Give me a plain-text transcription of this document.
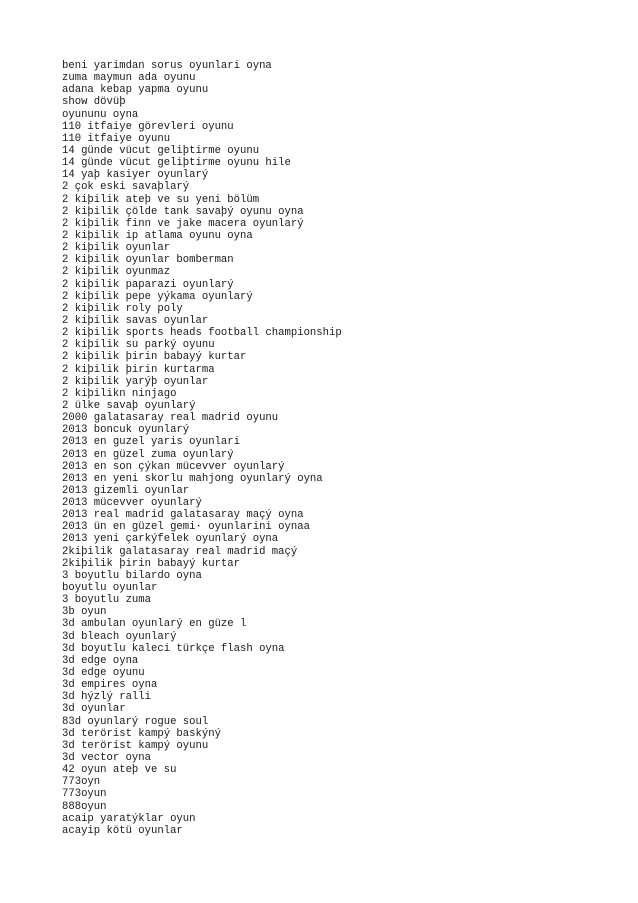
beni yarimdan sorus oyunlari oyna
zuma maymun ada oyunu
adana kebap yapma oyunu
show dövüþ
oyununu oyna
110 itfaiye görevleri oyunu
110 itfaiye oyunu
14 günde vücut geliþtirme oyunu
14 günde vücut geliþtirme oyunu hile
14 yaþ kasiyer oyunlarý
2 çok eski savaþlarý
2 kiþilik ateþ ve su yeni bölüm
2 kiþilik çölde tank savaþý oyunu oyna
2 kiþilik finn ve jake macera oyunlarý
2 kiþilik ip atlama oyunu oyna
2 kiþilik oyunlar
2 kiþilik oyunlar bomberman
2 kiþilik oyunmaz
2 kiþilik paparazi oyunlarý
2 kiþilik pepe yýkama oyunlarý
2 kiþilik roly poly
2 kiþilik savas oyunlar
2 kiþilik sports heads football championship
2 kiþilik su parký oyunu
2 kiþilik þirin babayý kurtar
2 kiþilik þirin kurtarma
2 kiþilik yarýþ oyunlar
2 kiþilikn ninjago
2 ülke savaþ oyunlarý
2000 galatasaray real madrid oyunu
2013 boncuk oyunlarý
2013 en guzel yaris oyunlari
2013 en güzel zuma oyunlarý
2013 en son çýkan mücevver oyunlarý
2013 en yeni skorlu mahjong oyunlarý oyna
2013 gizemli oyunlar
2013 mücevver oyunlarý
2013 real madrid galatasaray maçý oyna
2013 ün en güzel gemi· oyunlarini oynaa
2013 yeni çarkýfelek oyunlarý oyna
2kiþilik galatasaray real madrid maçý
2kiþilik þirin babayý kurtar
3 boyutlu bilardo oyna
boyutlu oyunlar
3 boyutlu zuma
3b oyun
3d ambulan oyunlarý en güze l
3d bleach oyunlarý
3d boyutlu kaleci türkçe flash oyna
3d edge oyna
3d edge oyunu
3d empires oyna
3d hýzlý ralli
3d oyunlar
83d oyunlarý rogue soul
3d terörist kampý baskýný
3d terörist kampý oyunu
3d vector oyna
42 oyun ateþ ve su
773oyn
773oyun
888oyun
acaip yaratýklar oyun
acayip kötü oyunlar
